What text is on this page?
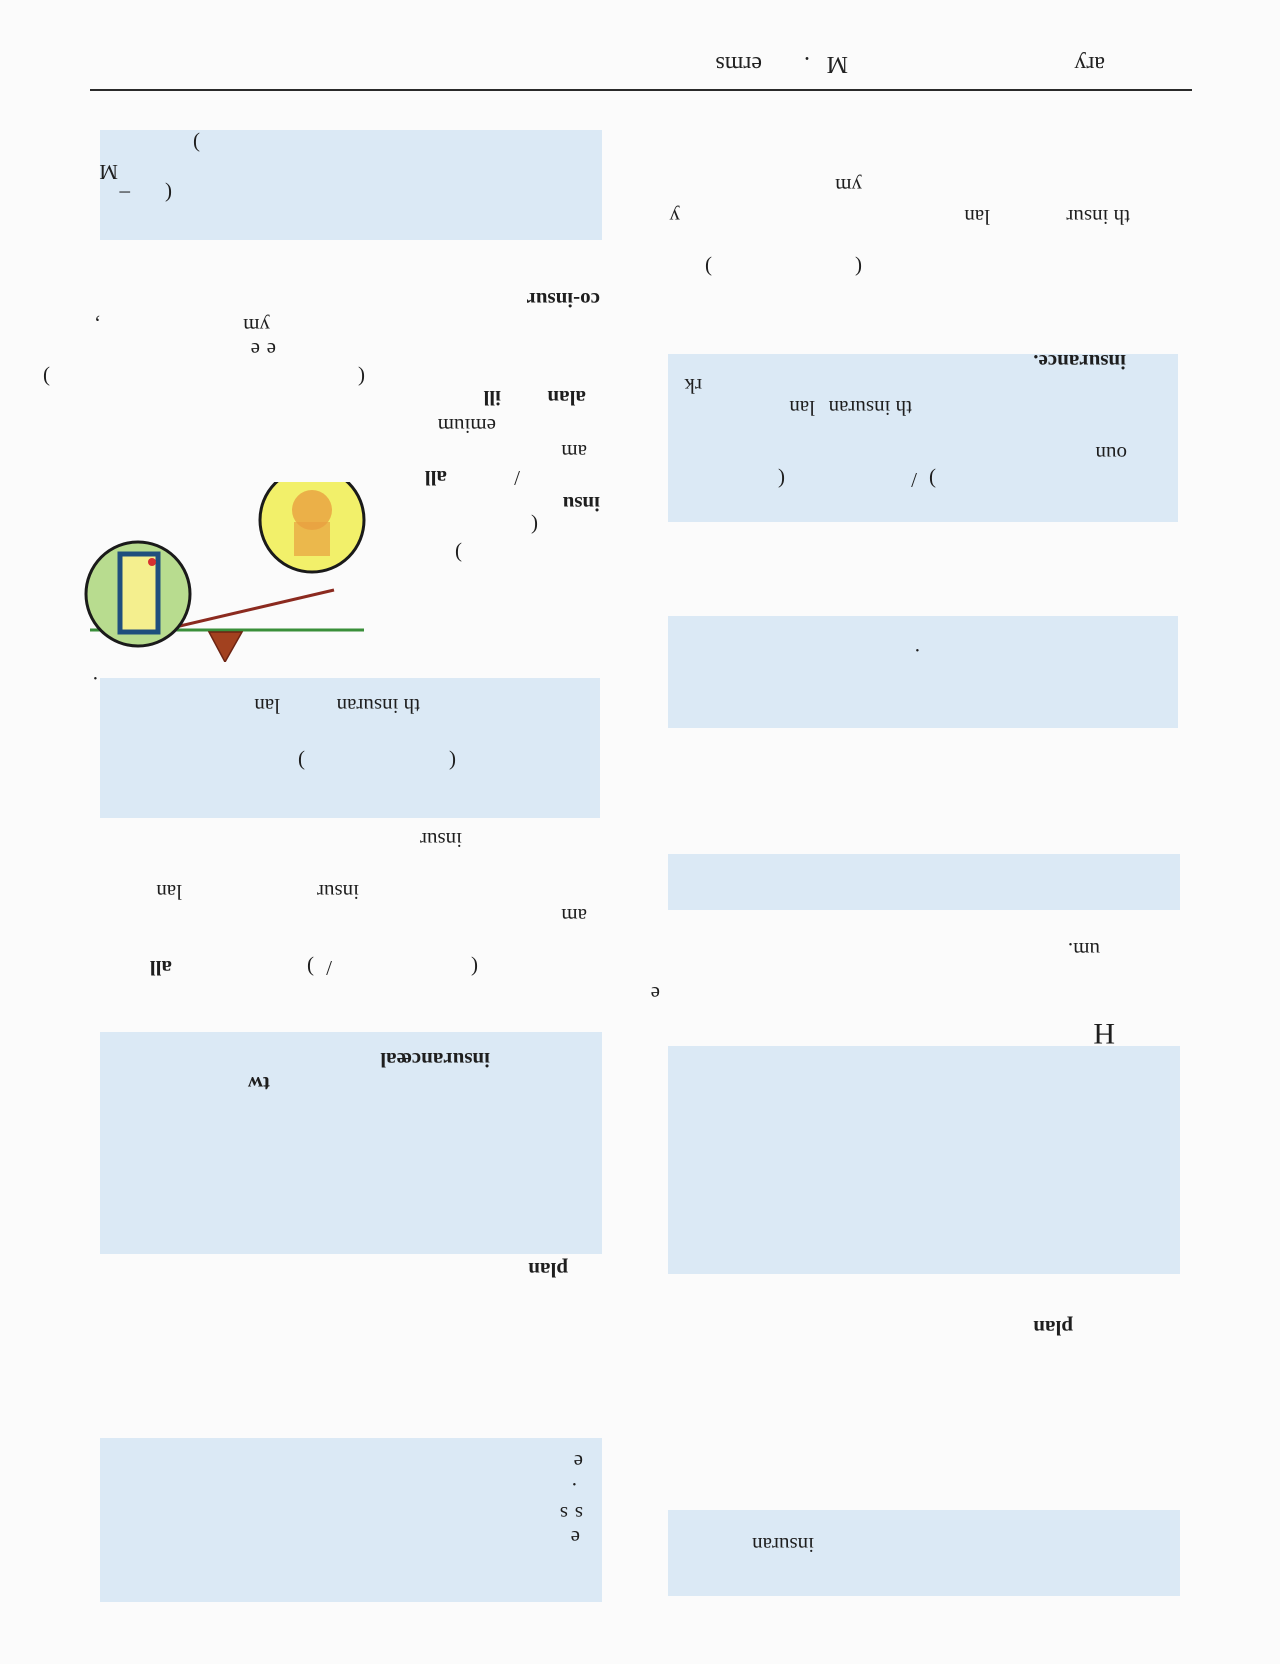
ary
M
.
erms
insuran
plan
H
e
um.
.
(	/ )
oun
th insuran
lan
rk
insurance.
(
)
th insur
lan
y
ym
e
.
s
s
e
plan
eal
insurance
tw
(
/
)
all
am
insur
lan
insur
(
)
th insuran
lan
.
)
(
insu
/
all
am
emium
alan
ill
(
)
e
e
ym
,
co-insur
M
(
–
)
